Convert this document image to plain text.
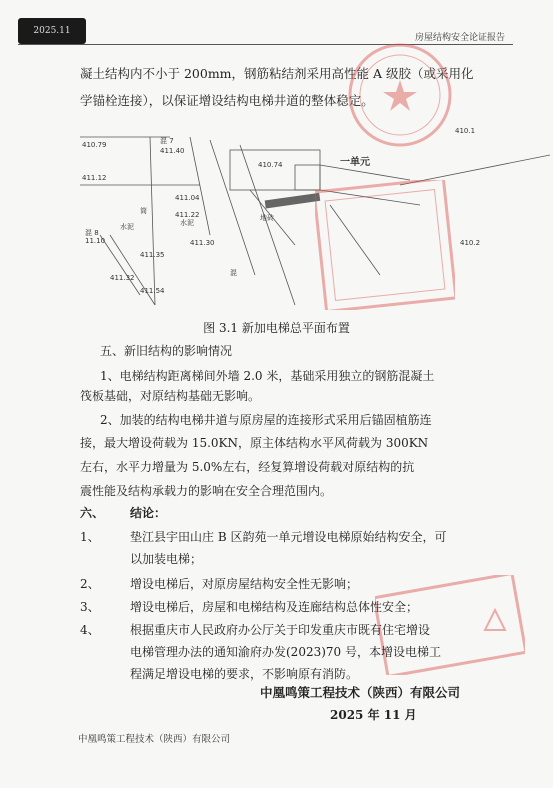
2025.11
房屋结构安全论证报告
凝土结构内不小于 200mm，钢筋粘结剂采用高性能 A 级胶（或采用化
学锚栓连接），以保证增设结构电梯井道的整体稳定。
410.79	混 7
411.40
411.12
411.04
411.22
410.74	一单元
地砖
混 8
11.10
水泥
411.30
411.35
411.32
411.54
410.1
410.2
混
筒
水泥
图 3.1 新加电梯总平面布置
五、新旧结构的影响情况
1、电梯结构距离梯间外墙 2.0 米，基础采用独立的钢筋混凝土
筏板基础，对原结构基础无影响。
2、加装的结构电梯井道与原房屋的连接形式采用后锚固植筋连
接，最大增设荷载为 15.0KN，原主体结构水平风荷载为 300KN
左右，水平力增量为 5.0%左右，经复算增设荷载对原结构的抗
震性能及结构承载力的影响在安全合理范围内。
六、 结论：
1、	垫江县宇田山庄 B 区韵苑一单元增设电梯原始结构安全，可
以加装电梯；
2、	增设电梯后，对原房屋结构安全性无影响；
3、	增设电梯后，房屋和电梯结构及连廊结构总体性安全；
4、	根据重庆市人民政府办公厅关于印发重庆市既有住宅增设
电梯管理办法的通知渝府办发(2023)70 号，本增设电梯工
程满足增设电梯的要求，不影响原有消防。
中凰鸣策工程技术（陕西）有限公司
2025 年 11 月
中凰鸣策工程技术（陕西）有限公司
